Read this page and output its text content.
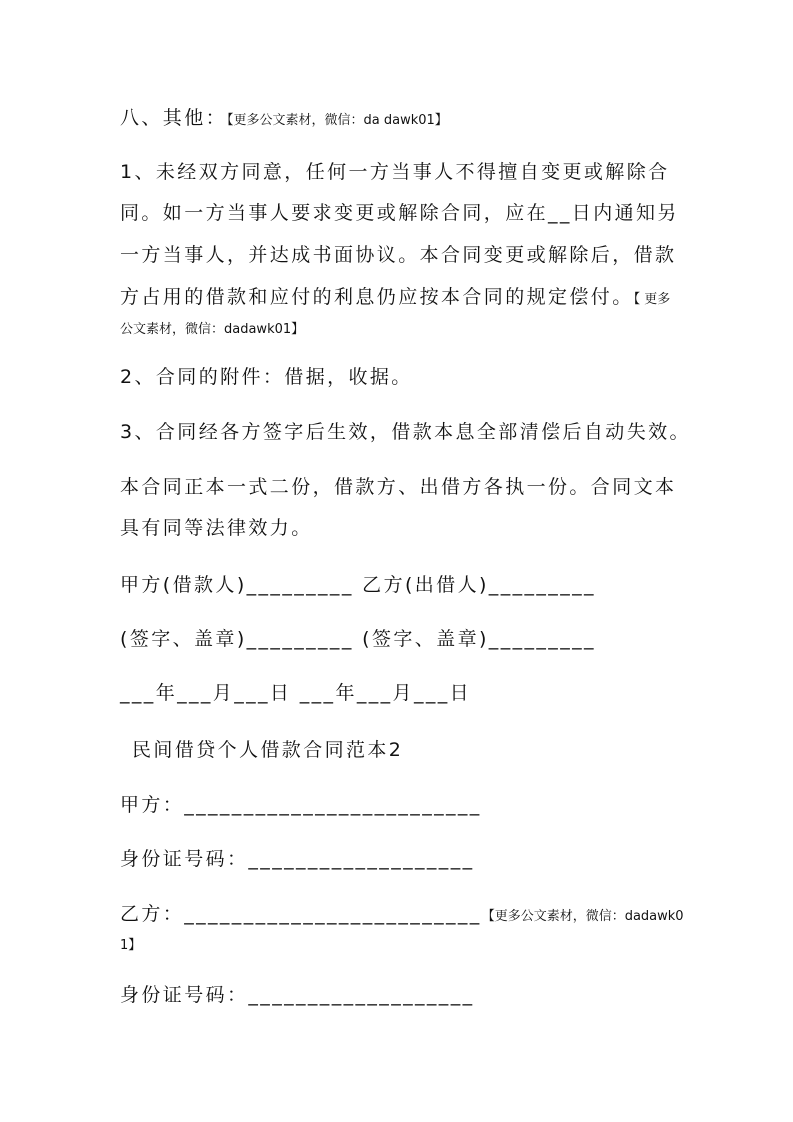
八、其他：【更多公文素材，微信：da dawk01】
1、未经双方同意，任何一方当事人不得擅自变更或解除合
同。如一方当事人要求变更或解除合同，应在__日内通知另
一方当事人，并达成书面协议。本合同变更或解除后，借款
方占用的借款和应付的利息仍应按本合同的规定偿付。【 更多
公文素材，微信：dadawk01】
2、合同的附件：借据，收据。
3、合同经各方签字后生效，借款本息全部清偿后自动失效。
本合同正本一式二份，借款方、出借方各执一份。合同文本
具有同等法律效力。
甲方(借款人)_________ 乙方(出借人)_________
(签字、盖章)_________ (签字、盖章)_________
___年___月___日 ___年___月___日
民间借贷个人借款合同范本2
甲方：_________________________
身份证号码：___________________
乙方：_________________________【更多公文素材，微信：dadawk0
1】
身份证号码：___________________
